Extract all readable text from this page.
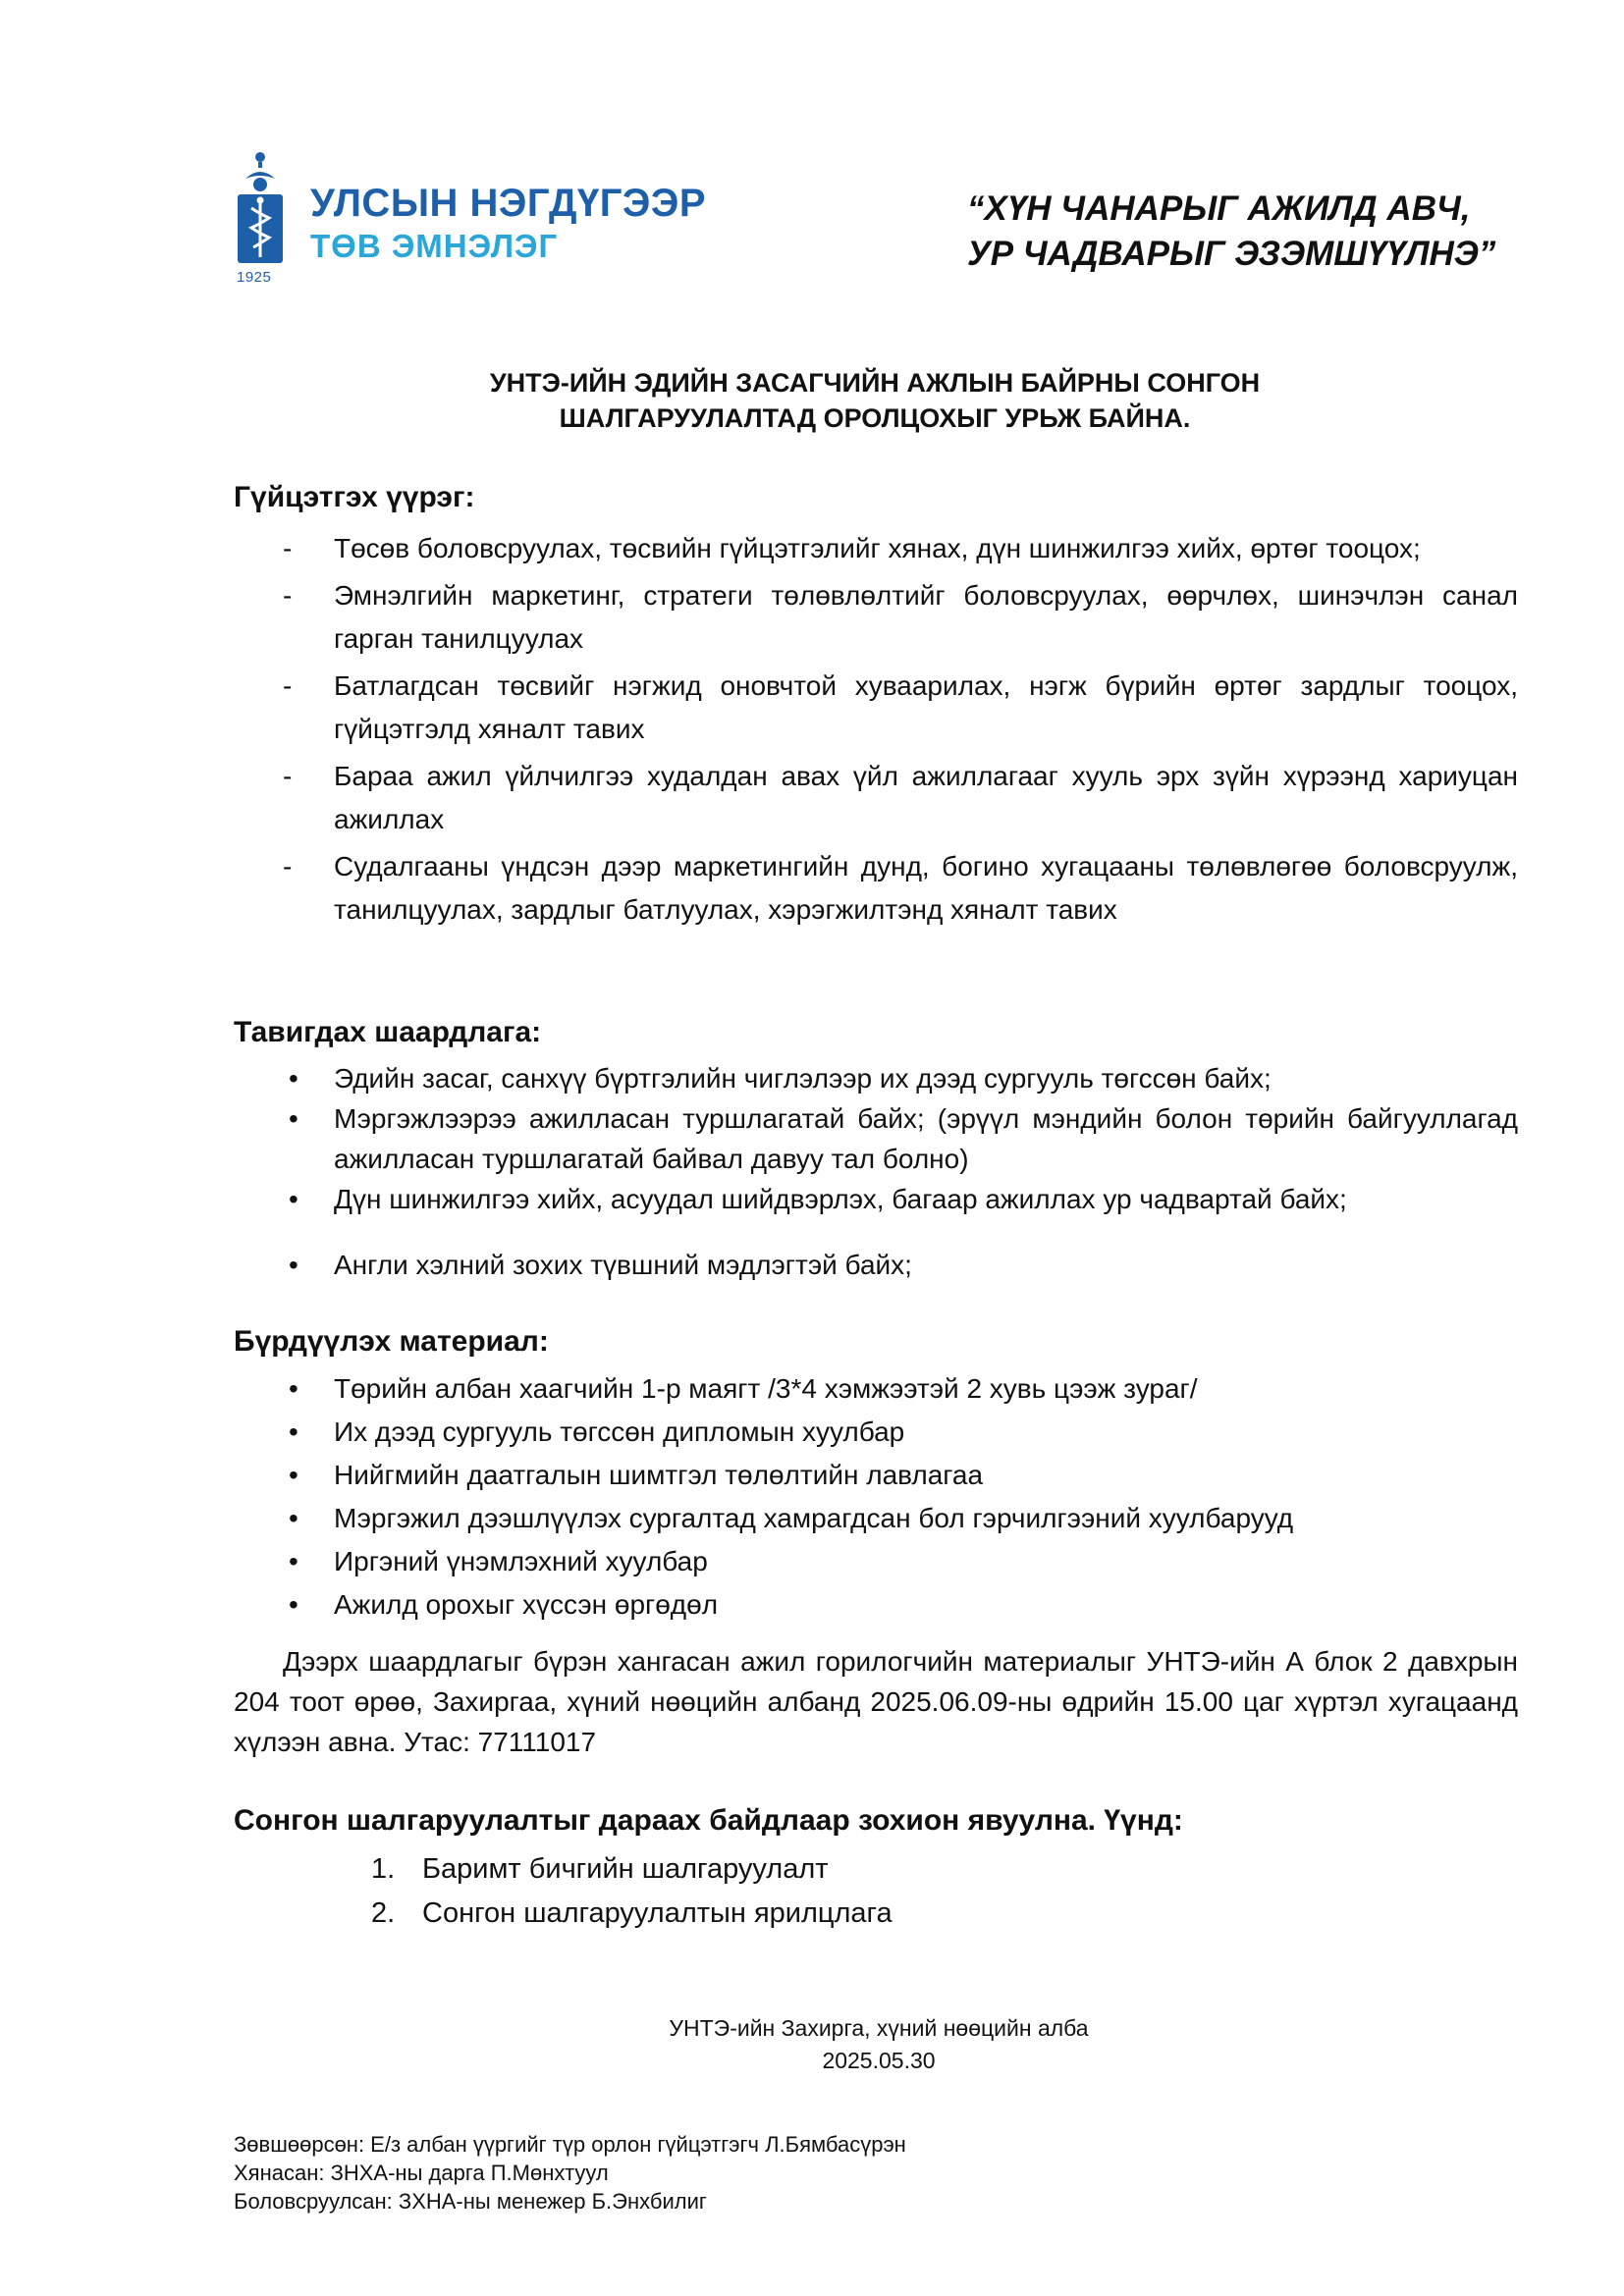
1925
УЛСЫН НЭГДҮГЭЭР
ТӨВ ЭМНЭЛЭГ
“ХҮН ЧАНАРЫГ АЖИЛД АВЧ,
УР ЧАДВАРЫГ ЭЗЭМШҮҮЛНЭ”
УНТЭ-ИЙН ЭДИЙН ЗАСАГЧИЙН АЖЛЫН БАЙРНЫ СОНГОН
ШАЛГАРУУЛАЛТАД ОРОЛЦОХЫГ УРЬЖ БАЙНА.
Гүйцэтгэх үүрэг:
- Төсөв боловсруулах, төсвийн гүйцэтгэлийг хянах, дүн шинжилгээ хийх, өртөг тооцох;
- Эмнэлгийн маркетинг, стратеги төлөвлөлтийг боловсруулах, өөрчлөх, шинэчлэн санал гарган танилцуулах
- Батлагдсан төсвийг нэгжид оновчтой хуваарилах, нэгж бүрийн өртөг зардлыг тооцох, гүйцэтгэлд хяналт тавих
- Бараа ажил үйлчилгээ худалдан авах үйл ажиллагааг хууль эрх зүйн хүрээнд хариуцан ажиллах
- Судалгааны үндсэн дээр маркетингийн дунд, богино хугацааны төлөвлөгөө боловсруулж, танилцуулах, зардлыг батлуулах, хэрэгжилтэнд хяналт тавих
Тавигдах шаардлага:
• Эдийн засаг, санхүү бүртгэлийн чиглэлээр их дээд сургууль төгссөн байх;
• Мэргэжлээрээ ажилласан туршлагатай байх; (эрүүл мэндийн болон төрийн байгууллагад ажилласан туршлагатай байвал давуу тал болно)
• Дүн шинжилгээ хийх, асуудал шийдвэрлэх, багаар ажиллах ур чадвартай байх;
• Англи хэлний зохих түвшний мэдлэгтэй байх;
Бүрдүүлэх материал:
• Төрийн албан хаагчийн 1-р маягт /3*4 хэмжээтэй 2 хувь цээж зураг/
• Их дээд сургууль төгссөн дипломын хуулбар
• Нийгмийн даатгалын шимтгэл төлөлтийн лавлагаа
• Мэргэжил дээшлүүлэх сургалтад хамрагдсан бол гэрчилгээний хуулбарууд
• Иргэний үнэмлэхний хуулбар
• Ажилд орохыг хүссэн өргөдөл
Дээрх шаардлагыг бүрэн хангасан ажил горилогчийн материалыг УНТЭ-ийн А блок 2 давхрын 204 тоот өрөө, Захиргаа, хүний нөөцийн албанд 2025.06.09-ны өдрийн 15.00 цаг хүртэл хугацаанд хүлээн авна. Утас: 77111017
Сонгон шалгаруулалтыг дараах байдлаар зохион явуулна. Үүнд:
1. Баримт бичгийн шалгаруулалт
2. Сонгон шалгаруулалтын ярилцлага
УНТЭ-ийн Захирга, хүний нөөцийн алба
2025.05.30
Зөвшөөрсөн: Е/з албан үүргийг түр орлон гүйцэтгэгч Л.Бямбасүрэн
Хянасан: ЗНХА-ны дарга П.Мөнхтуул
Боловсруулсан: ЗХНА-ны менежер Б.Энхбилиг
